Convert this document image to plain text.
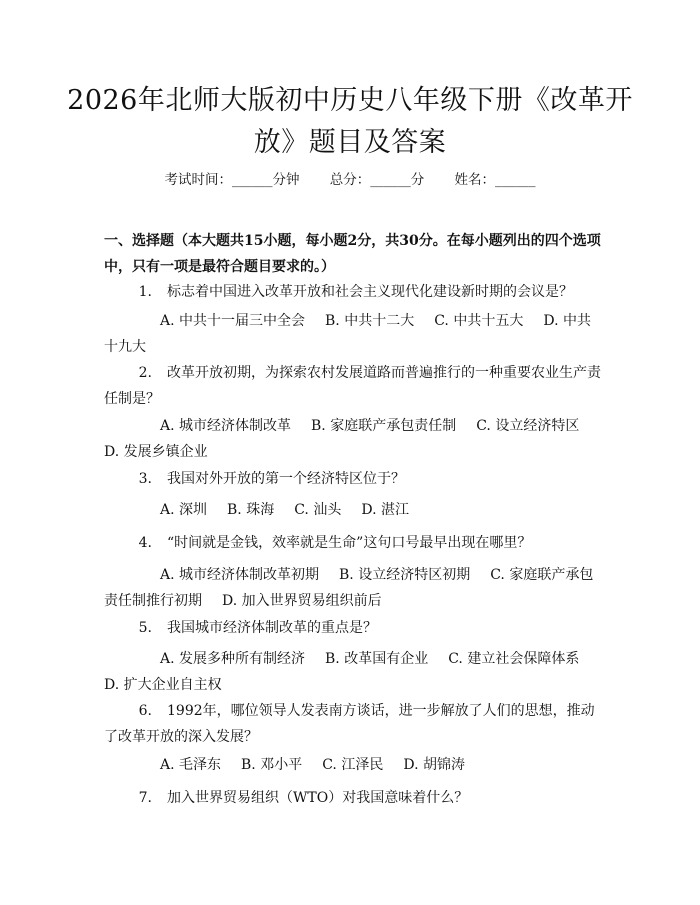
2026年北师大版初中历史八年级下册《改革开放》题目及答案
考试时间：______分钟 总分：______分 姓名：______
一、选择题（本大题共15小题，每小题2分，共30分。在每小题列出的四个选项中，只有一项是最符合题目要求的。）
1. 标志着中国进入改革开放和社会主义现代化建设新时期的会议是？
A. 中共十一届三中全会 B. 中共十二大 C. 中共十五大 D. 中共十九大
2. 改革开放初期，为探索农村发展道路而普遍推行的一种重要农业生产责任制是？
A. 城市经济体制改革 B. 家庭联产承包责任制 C. 设立经济特区D. 发展乡镇企业
3. 我国对外开放的第一个经济特区位于？
A. 深圳 B. 珠海 C. 汕头 D. 湛江
4. “时间就是金钱，效率就是生命”这句口号最早出现在哪里？
A. 城市经济体制改革初期 B. 设立经济特区初期 C. 家庭联产承包责任制推行初期 D. 加入世界贸易组织前后
5. 我国城市经济体制改革的重点是？
A. 发展多种所有制经济 B. 改革国有企业 C. 建立社会保障体系D. 扩大企业自主权
6. 1992年，哪位领导人发表南方谈话，进一步解放了人们的思想，推动了改革开放的深入发展？
A. 毛泽东 B. 邓小平 C. 江泽民 D. 胡锦涛
7. 加入世界贸易组织（WTO）对我国意味着什么？
